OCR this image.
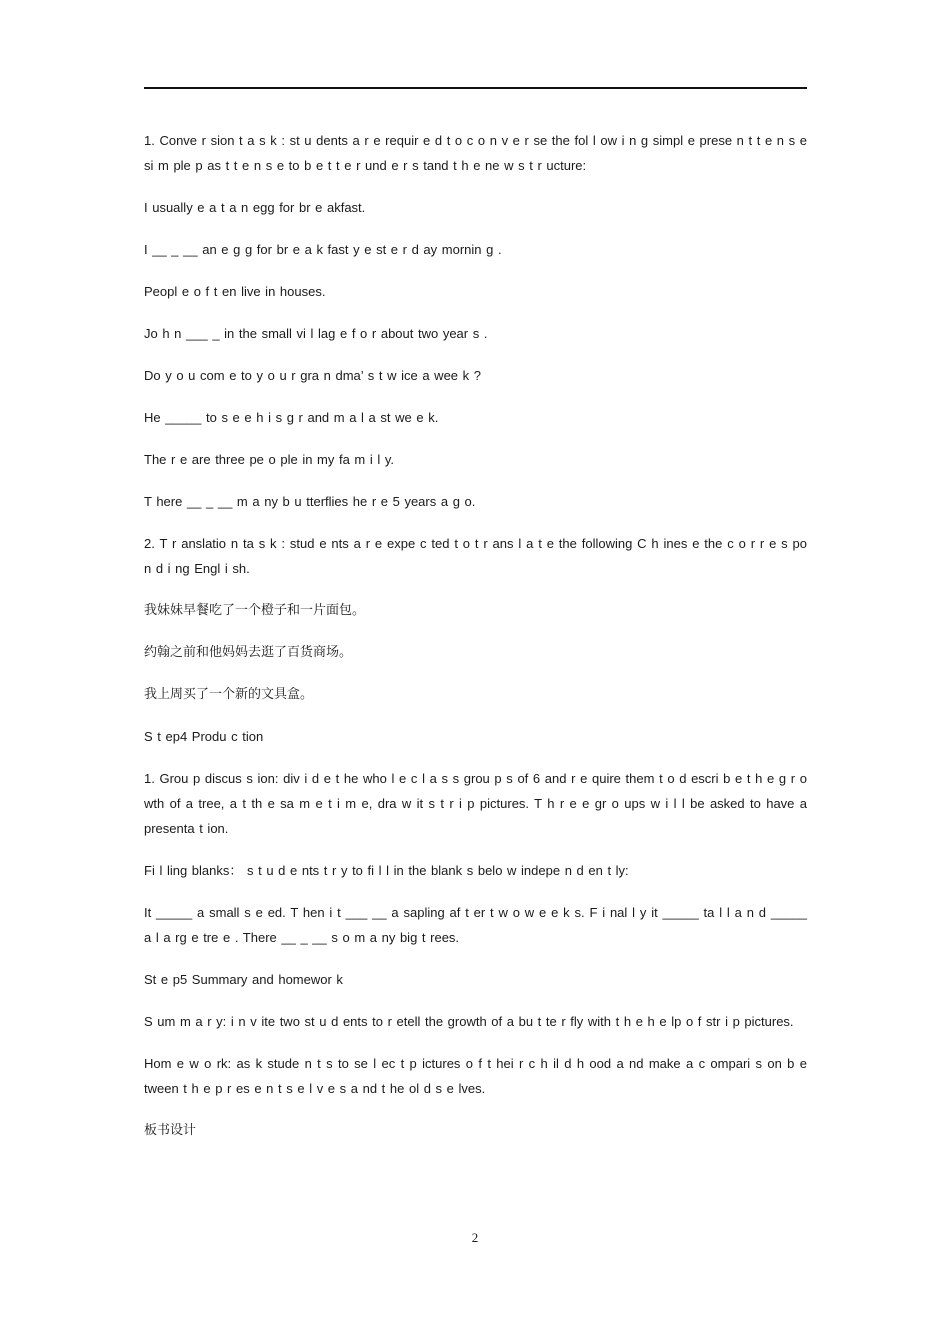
1. Conve r sion t a s k : st u dents a r e requir e d t o c o n v e r se the fol l ow i n g simpl e prese n t t e n s e si m ple p as t t e n s e to b e t t e r und e r s tand t h e ne w s t r ucture:

I usually e a t a n egg for br e akfast.

I __ _ __ an e g g for br e a k fast y e st e r d ay mornin g .

Peopl e o f t en live in houses.

Jo h n ___ _ in the small vi l lag e f o r about two year s .

Do y o u com e to y o u r gra n dma’ s t w ice a wee k ?

He _____ to s e e h i s g r and m a l a st we e k.

The r e are three pe o ple in my fa m i l y.

T here __ _ __ m a ny b u tterflies he r e 5 years a g o.

2. T r anslatio n ta s k : stud e nts a r e expe c ted t o t r ans l a t e the following C h ines e the c o r r e s po n d i ng Engl i sh.

我妹妹早餐吃了一个橙子和一片面包。

约翰之前和他妈妈去逛了百货商场。

我上周买了一个新的文具盒。

S t ep4 Produ c tion

1. Grou p discus s ion: div i d e t he who l e c l a s s grou p s of 6 and r e quire them t o d escri b e t h e g r o wth of a tree, a t th e sa m e t i m e, dra w it s t r i p pictures. T h r e e gr o ups w i l l be asked to have a presenta t ion.

Fi l ling blanks： s t u d e nts t r y to fi l l in the blank s belo w indepe n d en t ly:

It _____ a small s e ed. T hen i t ___ __ a sapling af t er t w o w e e k s. F i nal l y it _____ ta l l a n d _____ a l a rg e tre e . There __ _ __ s o m a ny big t rees.

St e p5 Summary and homewor k

S um m a r y: i n v ite two st u d ents to r etell the growth of a bu t te r fly with t h e h e lp o f str i p pictures.

Hom e w o rk: as k stude n t s to se l ec t p ictures o f t hei r c h il d h ood a nd make a c ompari s on b e tween t h e p r es e n t s e l v e s a nd t he ol d s e lves.

板书设计

2
